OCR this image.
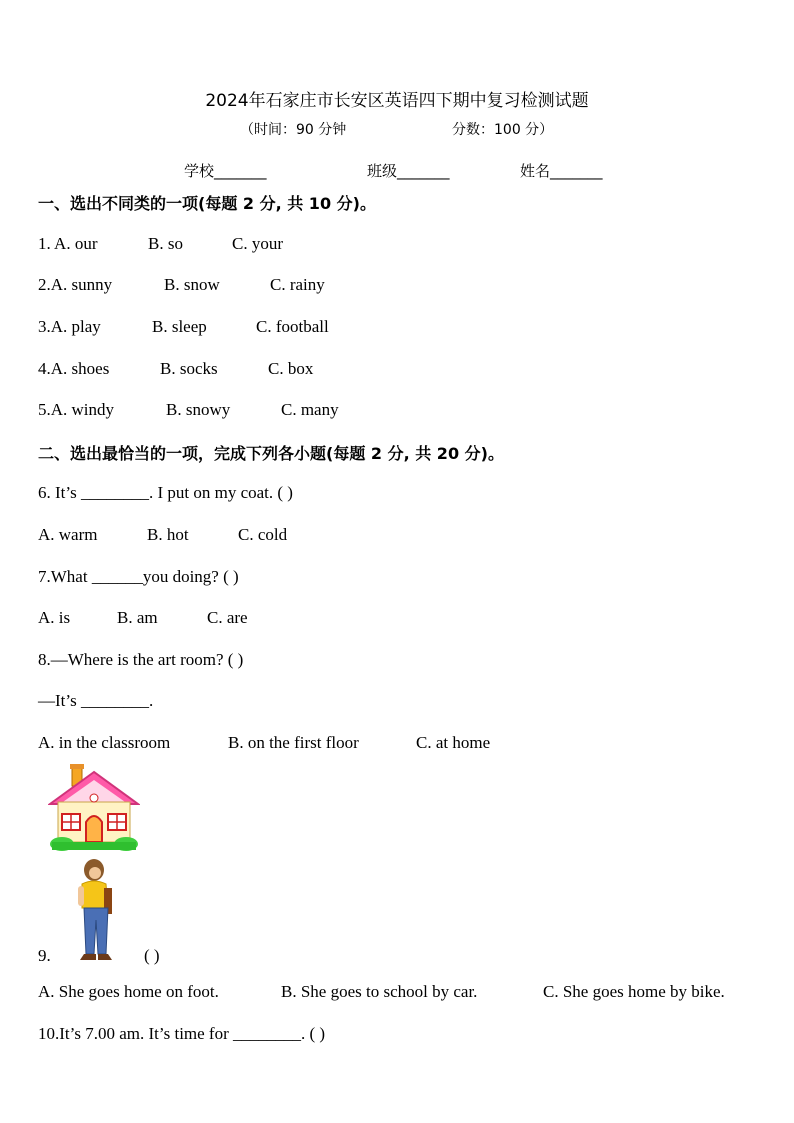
2024年石家庄市长安区英语四下期中复习检测试题
（时间：90 分钟	分数：100 分）
学校_______	班级_______	姓名_______
一、选出不同类的一项(每题 2 分, 共 10 分)。
1. A. our	B. so	C. your
2.A. sunny	B. snow	C. rainy
3.A. play	B. sleep	C. football
4.A. shoes	B. socks	C. box
5.A. windy	B. snowy	C. many
二、选出最恰当的一项，完成下列各小题(每题 2 分, 共 20 分)。
6. It’s ________. I put on my coat. ( )
A. warm	B. hot	C. cold
7.What ______you doing? ( )
A. is	B. am	C. are
8.—Where is the art room? ( )
—It’s ________.
A. in the classroom	B. on the first floor	C. at home
9.	( )
A. She goes home on foot.	B. She goes to school by car.	C. She goes home by bike.
10.It’s 7.00 am. It’s time for ________. ( )
